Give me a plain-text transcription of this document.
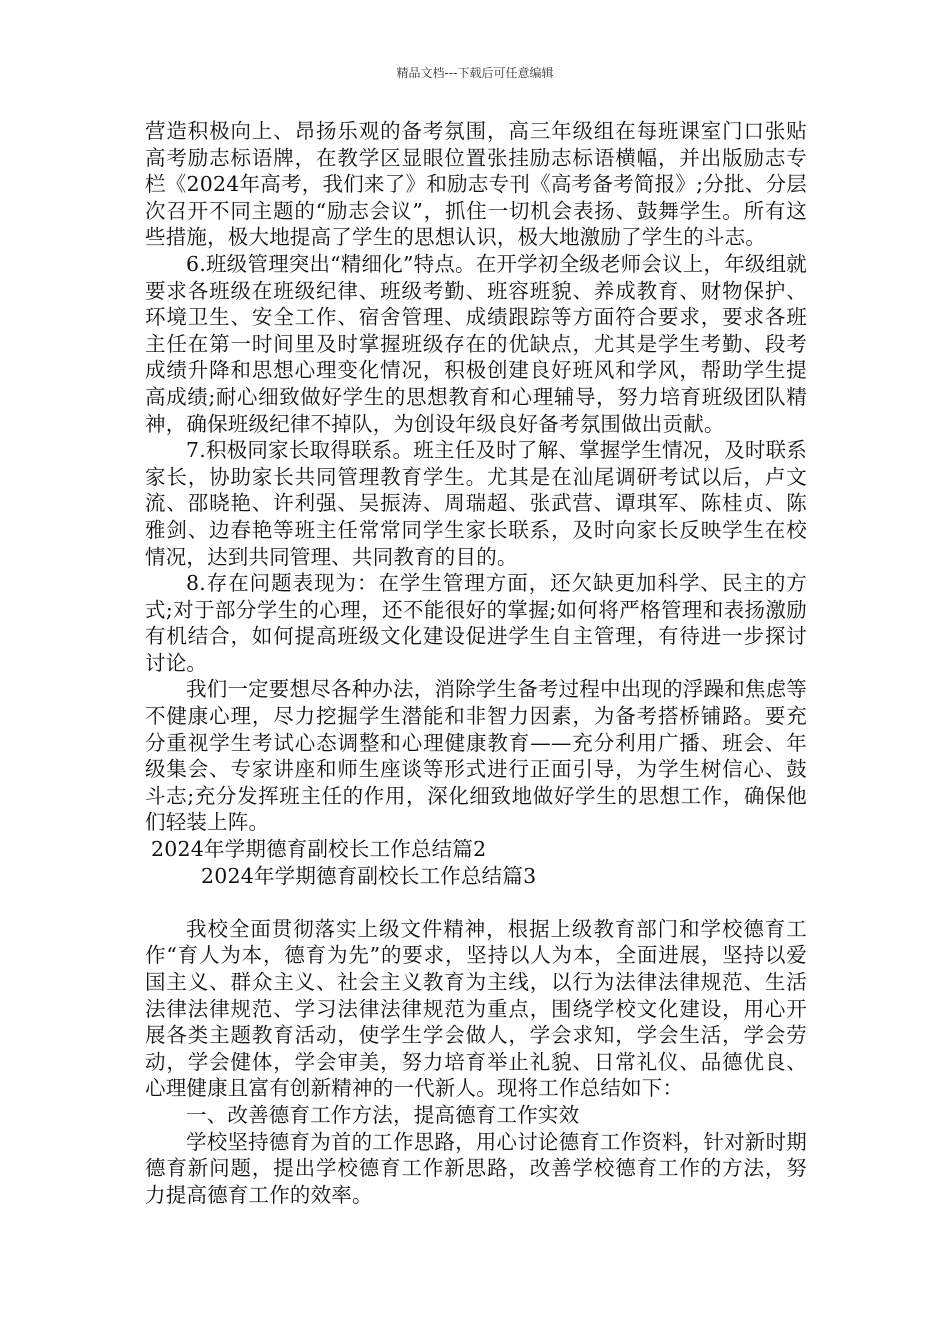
精品文档---下载后可任意编辑

营造积极向上、昂扬乐观的备考氛围，高三年级组在每班课室门口张贴高考励志标语牌，在教学区显眼位置张挂励志标语横幅，并出版励志专栏《2024年高考，我们来了》和励志专刊《高考备考简报》;分批、分层次召开不同主题的“励志会议”，抓住一切机会表扬、鼓舞学生。所有这些措施，极大地提高了学生的思想认识，极大地激励了学生的斗志。

6.班级管理突出“精细化”特点。在开学初全级老师会议上，年级组就要求各班级在班级纪律、班级考勤、班容班貌、养成教育、财物保护、环境卫生、安全工作、宿舍管理、成绩跟踪等方面符合要求，要求各班主任在第一时间里及时掌握班级存在的优缺点，尤其是学生考勤、段考成绩升降和思想心理变化情况，积极创建良好班风和学风，帮助学生提高成绩;耐心细致做好学生的思想教育和心理辅导，努力培育班级团队精神，确保班级纪律不掉队，为创设年级良好备考氛围做出贡献。

7.积极同家长取得联系。班主任及时了解、掌握学生情况，及时联系家长，协助家长共同管理教育学生。尤其是在汕尾调研考试以后，卢文流、邵晓艳、许利强、吴振涛、周瑞超、张武营、谭琪军、陈桂贞、陈雅剑、边春艳等班主任常常同学生家长联系，及时向家长反映学生在校情况，达到共同管理、共同教育的目的。

8.存在问题表现为：在学生管理方面，还欠缺更加科学、民主的方式;对于部分学生的心理，还不能很好的掌握;如何将严格管理和表扬激励有机结合，如何提高班级文化建设促进学生自主管理，有待进一步探讨讨论。

我们一定要想尽各种办法，消除学生备考过程中出现的浮躁和焦虑等不健康心理，尽力挖掘学生潜能和非智力因素，为备考搭桥铺路。要充分重视学生考试心态调整和心理健康教育——充分利用广播、班会、年级集会、专家讲座和师生座谈等形式进行正面引导，为学生树信心、鼓斗志;充分发挥班主任的作用，深化细致地做好学生的思想工作，确保他们轻装上阵。

2024年学期德育副校长工作总结篇2

2024年学期德育副校长工作总结篇3

我校全面贯彻落实上级文件精神，根据上级教育部门和学校德育工作“育人为本，德育为先”的要求，坚持以人为本，全面进展，坚持以爱国主义、群众主义、社会主义教育为主线，以行为法律法律规范、生活法律法律规范、学习法律法律规范为重点，围绕学校文化建设，用心开展各类主题教育活动，使学生学会做人，学会求知，学会生活，学会劳动，学会健体，学会审美，努力培育举止礼貌、日常礼仪、品德优良、心理健康且富有创新精神的一代新人。现将工作总结如下：

一、改善德育工作方法，提高德育工作实效

学校坚持德育为首的工作思路，用心讨论德育工作资料，针对新时期德育新问题，提出学校德育工作新思路，改善学校德育工作的方法，努力提高德育工作的效率。
